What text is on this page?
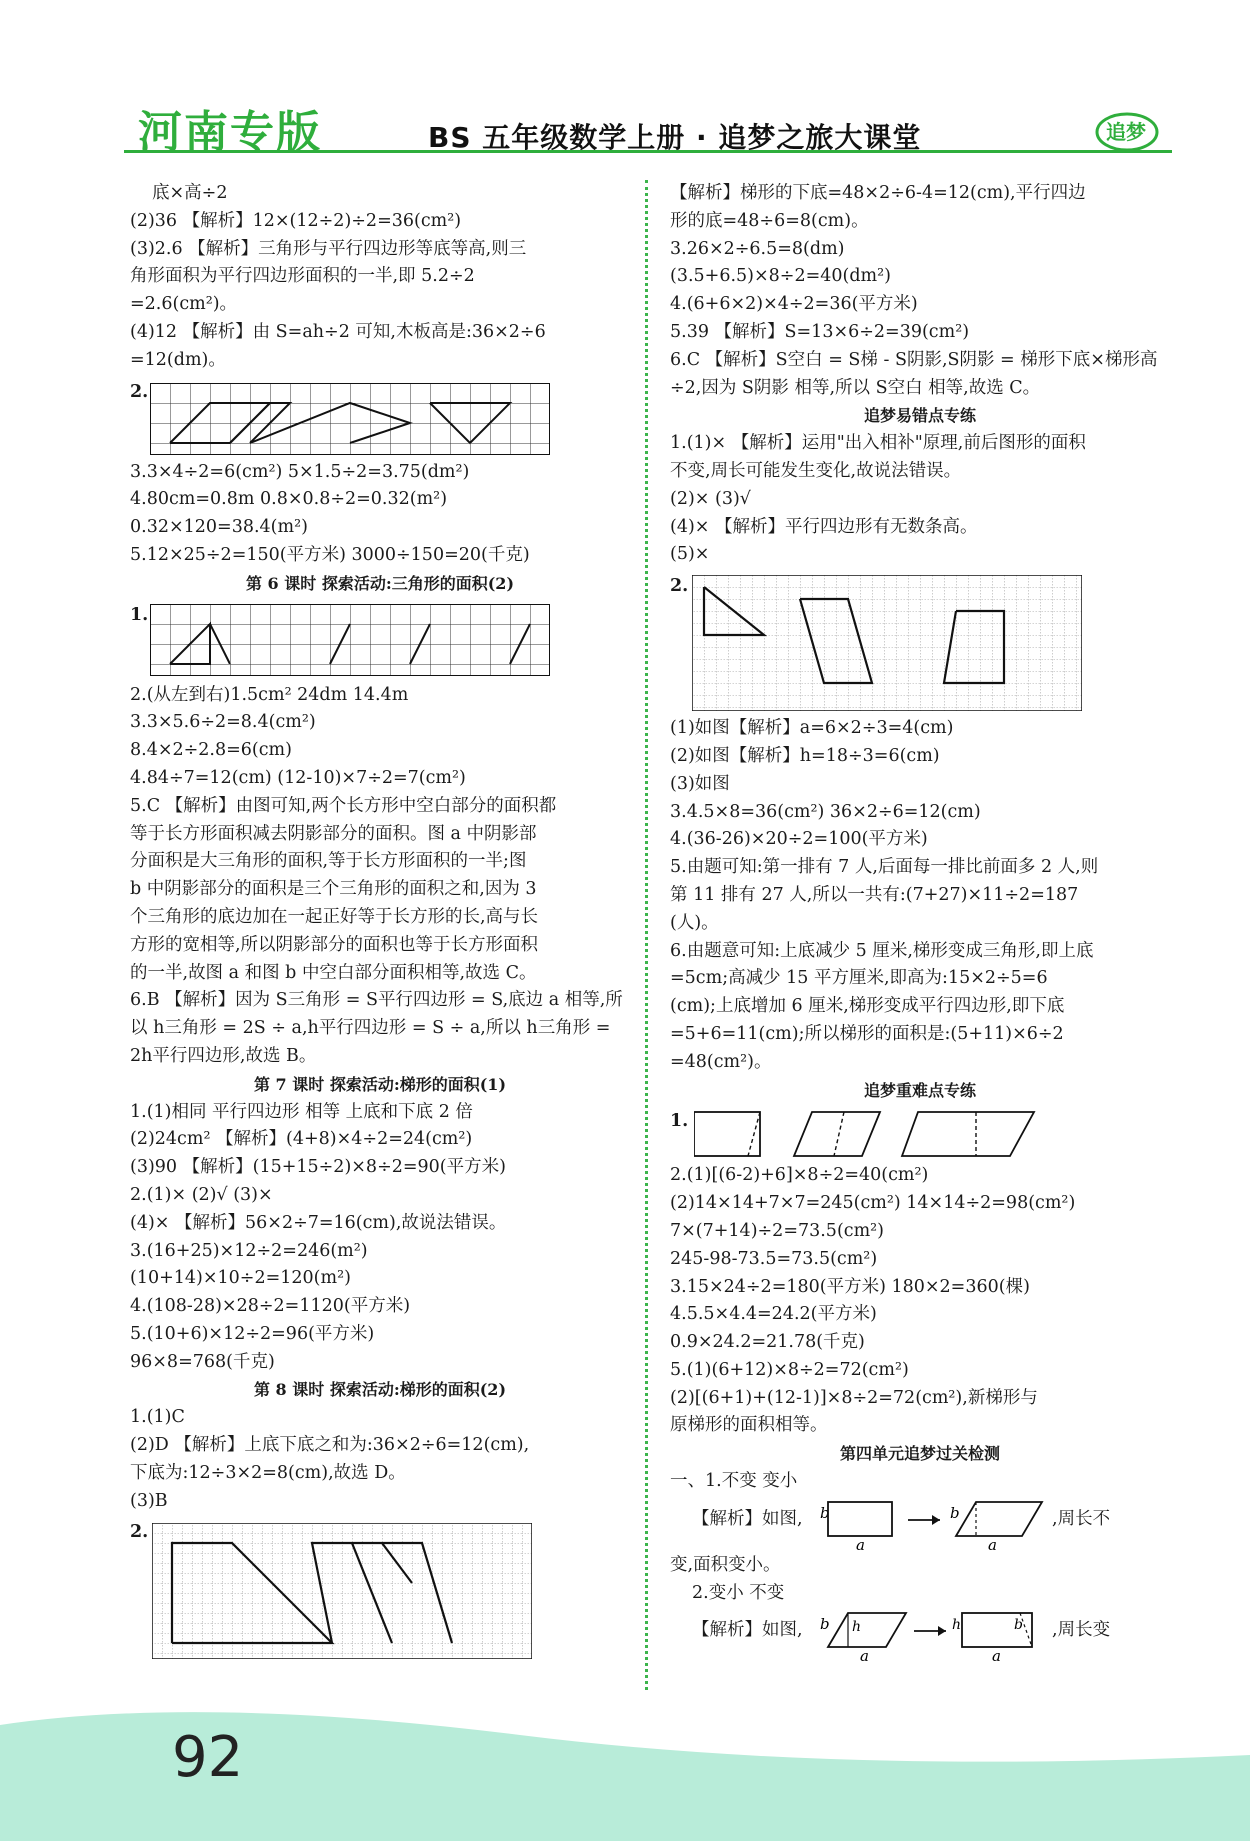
河南专版	BS 五年级数学上册 · 追梦之旅大课堂	追梦
底×高÷2
(2)36 【解析】12×(12÷2)÷2=36(cm²)
(3)2.6 【解析】三角形与平行四边形等底等高,则三
角形面积为平行四边形面积的一半,即 5.2÷2
=2.6(cm²)。
(4)12 【解析】由 S=ah÷2 可知,木板高是:36×2÷6
=12(dm)。
2.
3.3×4÷2=6(cm²) 5×1.5÷2=3.75(dm²)
4.80cm=0.8m 0.8×0.8÷2=0.32(m²)
0.32×120=38.4(m²)
5.12×25÷2=150(平方米) 3000÷150=20(千克)
第 6 课时 探索活动:三角形的面积(2)
1.
2.(从左到右)1.5cm² 24dm 14.4m
3.3×5.6÷2=8.4(cm²)
8.4×2÷2.8=6(cm)
4.84÷7=12(cm) (12-10)×7÷2=7(cm²)
5.C 【解析】由图可知,两个长方形中空白部分的面积都
等于长方形面积减去阴影部分的面积。图 a 中阴影部
分面积是大三角形的面积,等于长方形面积的一半;图
b 中阴影部分的面积是三个三角形的面积之和,因为 3
个三角形的底边加在一起正好等于长方形的长,高与长
方形的宽相等,所以阴影部分的面积也等于长方形面积
的一半,故图 a 和图 b 中空白部分面积相等,故选 C。
6.B 【解析】因为 S三角形 = S平行四边形 = S,底边 a 相等,所
以 h三角形 = 2S ÷ a,h平行四边形 = S ÷ a,所以 h三角形 =
2h平行四边形,故选 B。
第 7 课时 探索活动:梯形的面积(1)
1.(1)相同 平行四边形 相等 上底和下底 2 倍
(2)24cm² 【解析】(4+8)×4÷2=24(cm²)
(3)90 【解析】(15+15÷2)×8÷2=90(平方米)
2.(1)× (2)√ (3)×
(4)× 【解析】56×2÷7=16(cm),故说法错误。
3.(16+25)×12÷2=246(m²)
(10+14)×10÷2=120(m²)
4.(108-28)×28÷2=1120(平方米)
5.(10+6)×12÷2=96(平方米)
96×8=768(千克)
第 8 课时 探索活动:梯形的面积(2)
1.(1)C
(2)D 【解析】上底下底之和为:36×2÷6=12(cm),
下底为:12÷3×2=8(cm),故选 D。
(3)B
2.
【解析】梯形的下底=48×2÷6-4=12(cm),平行四边
形的底=48÷6=8(cm)。
3.26×2÷6.5=8(dm)
(3.5+6.5)×8÷2=40(dm²)
4.(6+6×2)×4÷2=36(平方米)
5.39 【解析】S=13×6÷2=39(cm²)
6.C 【解析】S空白 = S梯 - S阴影,S阴影 = 梯形下底×梯形高
÷2,因为 S阴影 相等,所以 S空白 相等,故选 C。
追梦易错点专练
1.(1)× 【解析】运用"出入相补"原理,前后图形的面积
不变,周长可能发生变化,故说法错误。
(2)× (3)√
(4)× 【解析】平行四边形有无数条高。
(5)×
2.
(1)如图【解析】a=6×2÷3=4(cm)
(2)如图【解析】h=18÷3=6(cm)
(3)如图
3.4.5×8=36(cm²) 36×2÷6=12(cm)
4.(36-26)×20÷2=100(平方米)
5.由题可知:第一排有 7 人,后面每一排比前面多 2 人,则
第 11 排有 27 人,所以一共有:(7+27)×11÷2=187
(人)。
6.由题意可知:上底减少 5 厘米,梯形变成三角形,即上底
=5cm;高减少 15 平方厘米,即高为:15×2÷5=6
(cm);上底增加 6 厘米,梯形变成平行四边形,即下底
=5+6=11(cm);所以梯形的面积是:(5+11)×6÷2
=48(cm²)。
追梦重难点专练
1.
2.(1)[(6-2)+6]×8÷2=40(cm²)
(2)14×14+7×7=245(cm²) 14×14÷2=98(cm²)
7×(7+14)÷2=73.5(cm²)
245-98-73.5=73.5(cm²)
3.15×24÷2=180(平方米) 180×2=360(棵)
4.5.5×4.4=24.2(平方米)
0.9×24.2=21.78(千克)
5.(1)(6+12)×8÷2=72(cm²)
(2)[(6+1)+(12-1)]×8÷2=72(cm²),新梯形与
原梯形的面积相等。
第四单元追梦过关检测
一、1.不变 变小
【解析】如图, b
a
b
a
,周长不
变,面积变小。
2.变小 不变
【解析】如图, b h
a
h	b
a
,周长变
92
